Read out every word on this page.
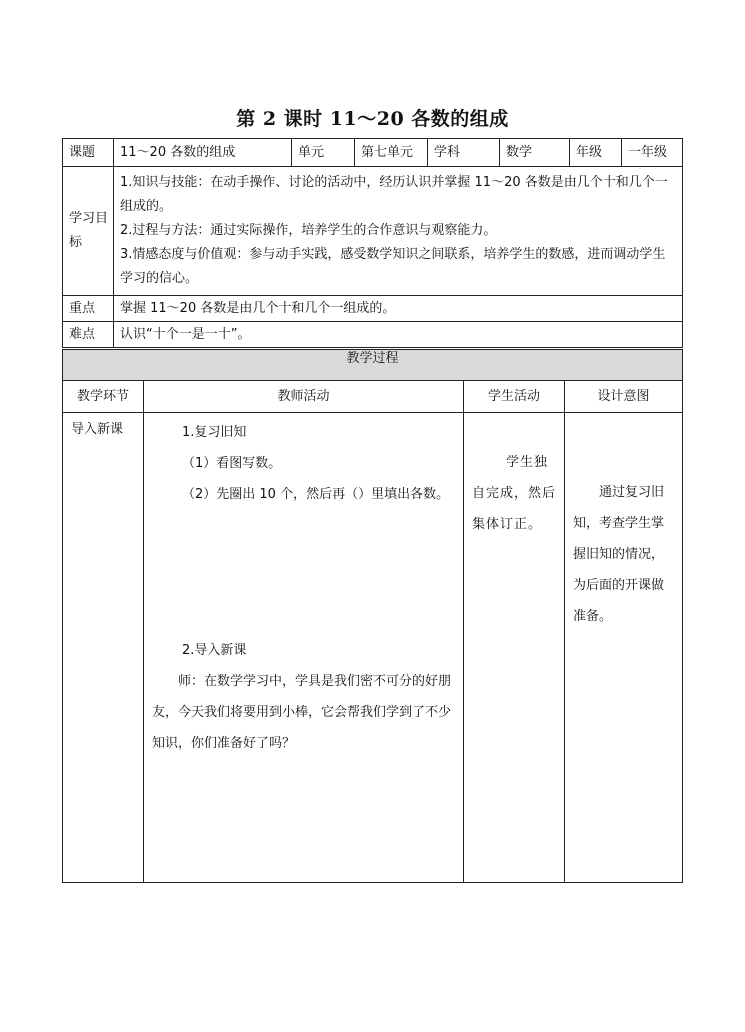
第 2 课时 11～20 各数的组成
课题	11～20 各数的组成	单元	第七单元	学科	数学	年级	一年级
学习目标	1.知识与技能：在动手操作、讨论的活动中，经历认识并掌握 11～20 各数是由几个十和几个一组成的。
2.过程与方法：通过实际操作，培养学生的合作意识与观察能力。
3.情感态度与价值观：参与动手实践，感受数学知识之间联系，培养学生的数感，进而调动学生学习的信心。						

重点	掌握 11～20 各数是由几个十和几个一组成的。						
难点	认识“十个一是一十”。						
教学过程			
教学环节	教师活动	学生活动	设计意图

导入新课	1.复习旧知
（1）看图写数。
（2）先圈出 10 个，然后再（）里填出各数。
2.导入新课
师：在数学学习中，学具是我们密不可分的好朋友，今天我们将要用到小棒，它会帮我们学到了不少知识，你们准备好了吗？	学生独自完成，然后集体订正。	通过复习旧知，考查学生掌握旧知的情况，为后面的开课做准备。
